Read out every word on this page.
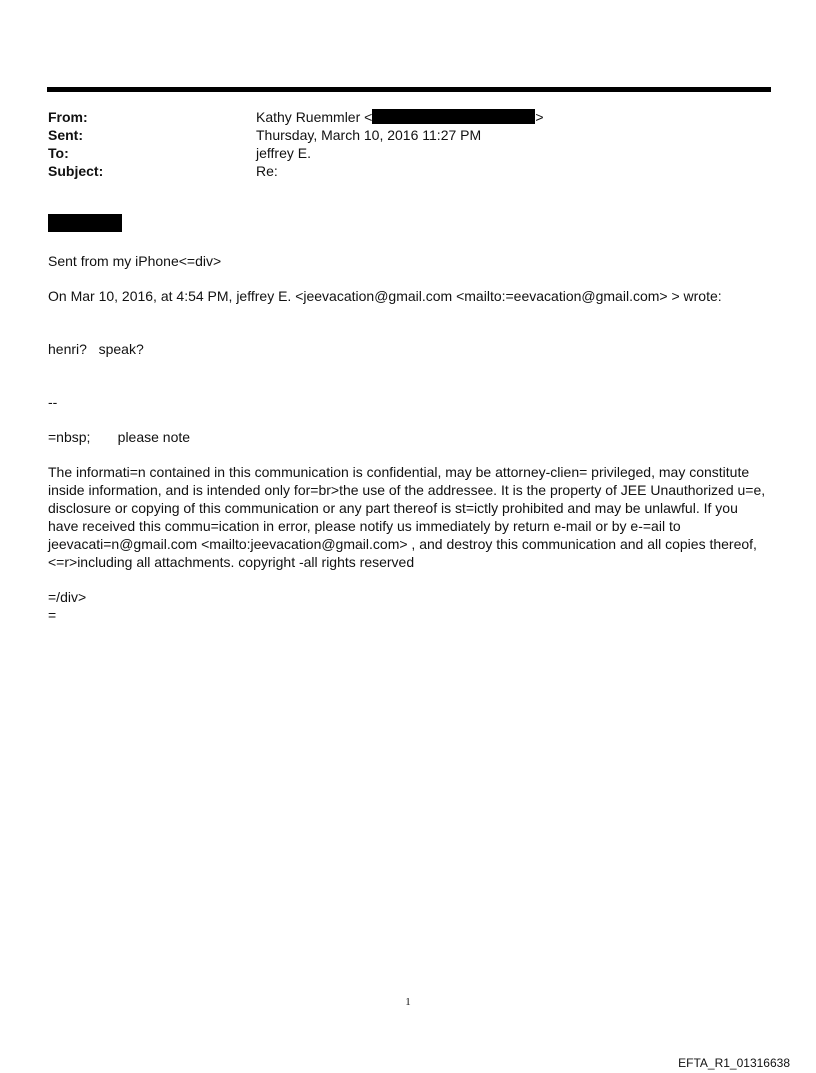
From:	Kathy Ruemmler <	>
Sent:	Thursday, March 10, 2016 11:27 PM
To:	jeffrey E.
Subject:	Re:

Sent from my iPhone<=div>

On Mar 10, 2016, at 4:54 PM, jeffrey E. <jeevacation@gmail.com <mailto:=eevacation@gmail.com> > wrote:

henri?   speak?

--

=nbsp;       please note

The informati=n contained in this communication is confidential, may be attorney-clien= privileged, may constitute inside information, and is intended only for=br>the use of the addressee. It is the property of JEE Unauthorized u=e, disclosure or copying of this communication or any part thereof is st=ictly prohibited and may be unlawful. If you have received this commu=ication in error, please notify us immediately by return e-mail or by e-=ail to jeevacati=n@gmail.com <mailto:jeevacation@gmail.com> , and destroy this communication and all copies thereof,<=r>including all attachments. copyright -all rights reserved

=/div>

=

1
EFTA_R1_01316638
